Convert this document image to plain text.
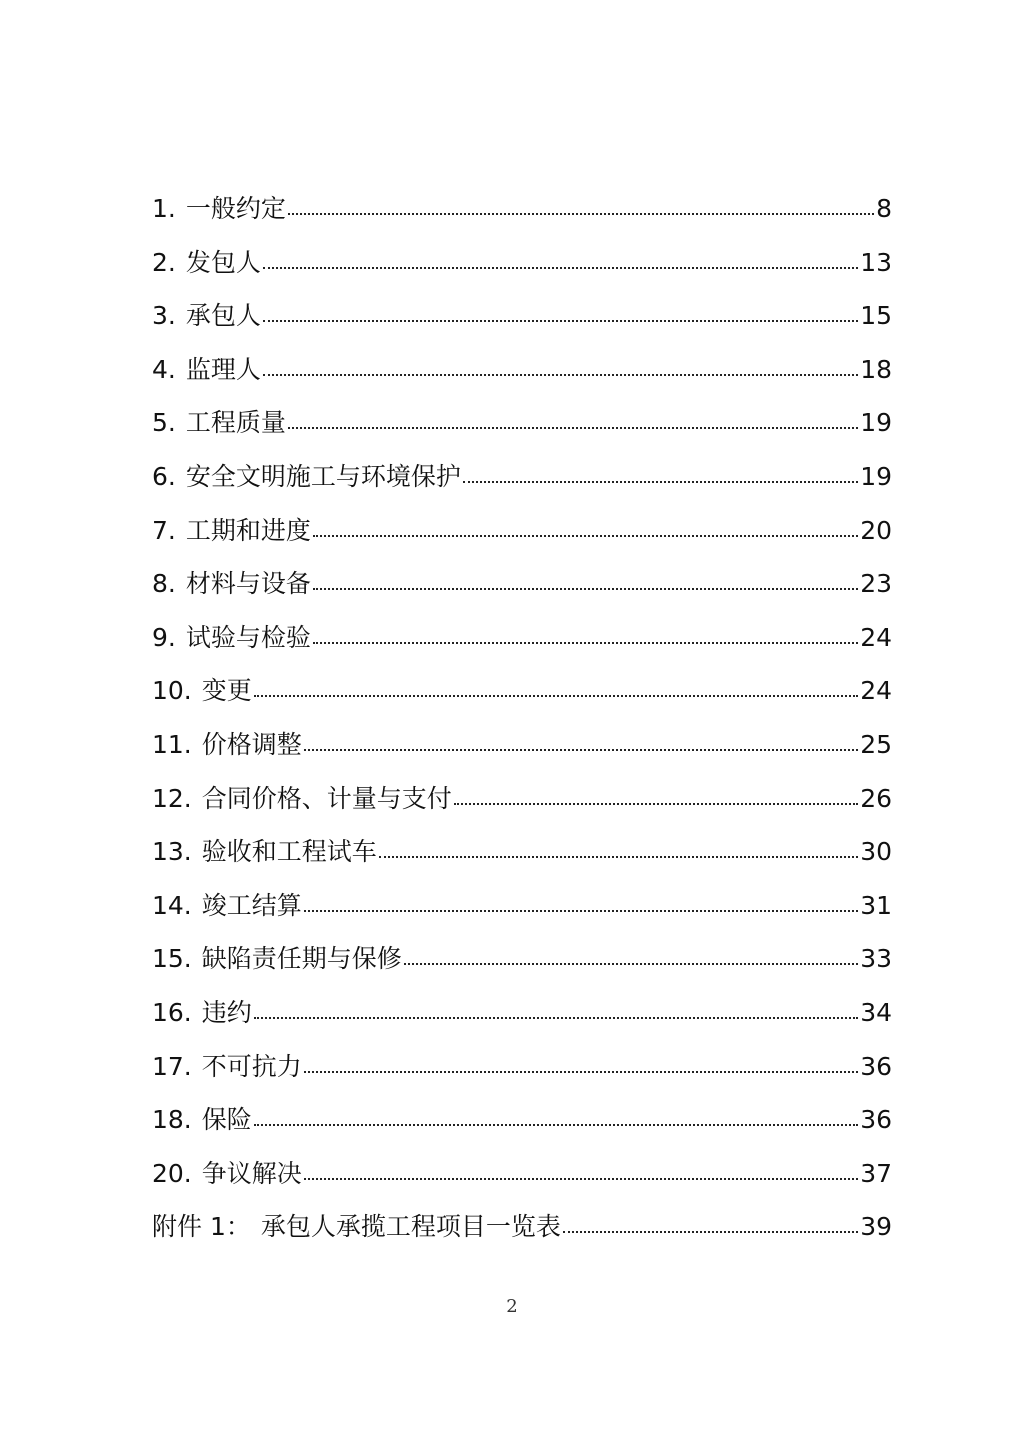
1. 一般约定	8
2. 发包人	13
3. 承包人	15
4. 监理人	18
5. 工程质量	19
6. 安全文明施工与环境保护	19
7. 工期和进度	20
8. 材料与设备	23
9. 试验与检验	24
10. 变更	24
11. 价格调整	25
12. 合同价格、计量与支付	26
13. 验收和工程试车	30
14. 竣工结算	31
15. 缺陷责任期与保修	33
16. 违约	34
17. 不可抗力	36
18. 保险	36
20. 争议解决	37
附件 1： 承包人承揽工程项目一览表	39
2
